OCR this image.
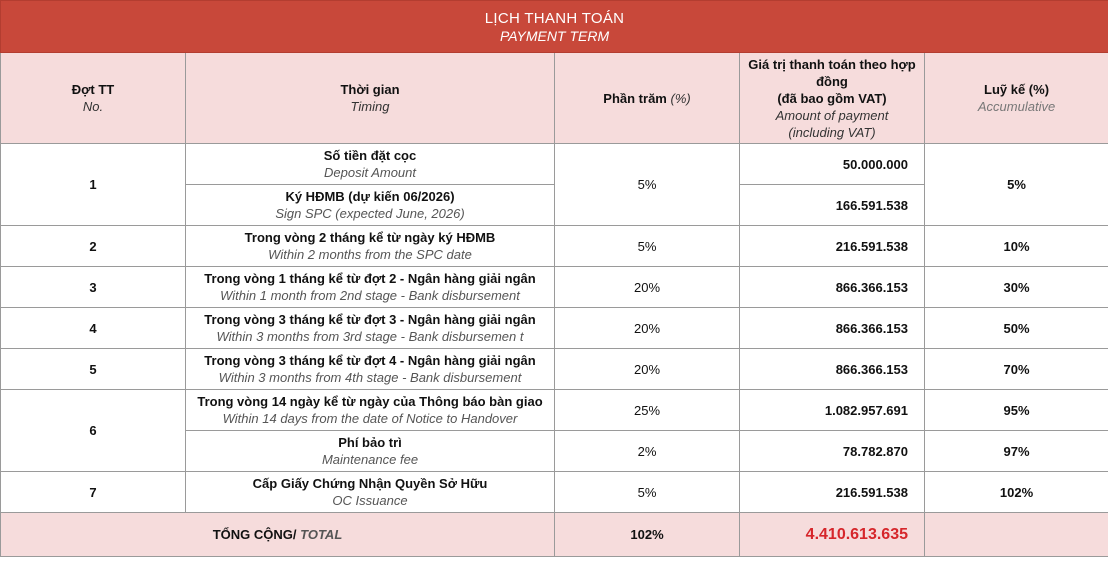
LỊCH THANH TOÁN
PAYMENT TERM				

Đợt TT
No.	Thời gian
Timing	Phần trăm (%)	Giá trị thanh toán theo hợp đồng
(đã bao gồm VAT)
Amount of payment
(including VAT)	Luỹ kế (%)
Accumulative

1	Số tiền đặt cọc
Deposit Amount	5%	50.000.000	5%

	Ký HĐMB (dự kiến 06/2026)
Sign SPC (expected June, 2026)		166.591.538	
2	Trong vòng 2 tháng kể từ ngày ký HĐMB
Within 2 months from the SPC date	5%	216.591.538	10%
3	Trong vòng 1 tháng kể từ đợt 2 - Ngân hàng giải ngân
Within 1 month from 2nd stage - Bank disbursement	20%	866.366.153	30%
4	Trong vòng 3 tháng kể từ đợt 3 - Ngân hàng giải ngân
Within 3 months from 3rd stage - Bank disbursemen t	20%	866.366.153	50%
5	Trong vòng 3 tháng kể từ đợt 4 - Ngân hàng giải ngân
Within 3 months from 4th stage - Bank disbursement	20%	866.366.153	70%
6	Trong vòng 14 ngày kể từ ngày của Thông báo bàn giao
Within 14 days from the date of Notice to Handover	25%	1.082.957.691	95%

	Phí bảo trì
Maintenance fee	2%	78.782.870	97%
7	Cấp Giấy Chứng Nhận Quyền Sở Hữu
OC Issuance	5%	216.591.538	102%
TỔNG CỘNG/ TOTAL		102%	4.410.613.635	
